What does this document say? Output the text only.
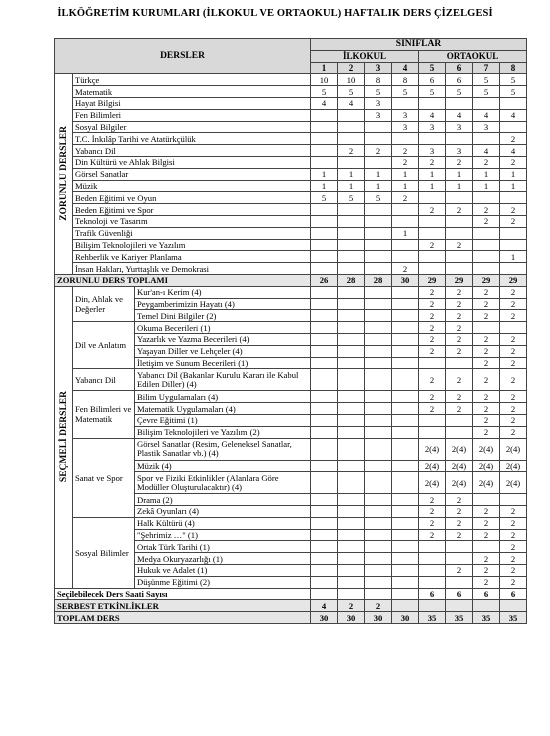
İLKÖĞRETİM KURUMLARI (İLKOKUL VE ORTAOKUL) HAFTALIK DERS ÇİZELGESİ
DERSLER			SINIFLAR							
			İLKOKUL				ORTAOKUL			
			1	2	3	4	5	6	7	8
ZORUNLU DERSLER	Türkçe		10	10	8	8	6	6	5	5
	Matematik		5	5	5	5	5	5	5	5
	Hayat Bilgisi		4	4	3					
	Fen Bilimleri				3	3	4	4	4	4
	Sosyal Bilgiler					3	3	3	3	
	T.C. İnkılâp Tarihi ve Atatürkçülük									2
	Yabancı Dil			2	2	2	3	3	4	4
	Din Kültürü ve Ahlak Bilgisi					2	2	2	2	2
	Görsel Sanatlar		1	1	1	1	1	1	1	1
	Müzik		1	1	1	1	1	1	1	1
	Beden Eğitimi ve Oyun		5	5	5	2				
	Beden Eğitimi ve Spor						2	2	2	2
	Teknoloji ve Tasarım								2	2
	Trafik Güvenliği					1				
	Bilişim Teknolojileri ve Yazılım						2	2		
	Rehberlik ve Kariyer Planlama									1
	İnsan Hakları, Yurttaşlık ve Demokrasi					2				
ZORUNLU DERS TOPLAMI			26	28	28	30	29	29	29	29
SEÇMELİ DERSLER	Din, Ahlak ve Değerler	Kur'an-ı Kerim (4)					2	2	2	2
		Peygamberimizin Hayatı (4)					2	2	2	2
		Temel Dini Bilgiler (2)					2	2	2	2
	Dil ve Anlatım	Okuma Becerileri (1)					2	2		
		Yazarlık ve Yazma Becerileri (4)					2	2	2	2
		Yaşayan Diller ve Lehçeler (4)					2	2	2	2
		İletişim ve Sunum Becerileri (1)							2	2
	Yabancı Dil	Yabancı Dil (Bakanlar Kurulu Kararı ile Kabul Edilen Diller) (4)					2	2	2	2
	Fen Bilimleri ve Matematik	Bilim Uygulamaları (4)					2	2	2	2
		Matematik Uygulamaları (4)					2	2	2	2
		Çevre Eğitimi (1)							2	2
		Bilişim Teknolojileri ve Yazılım (2)							2	2
	Sanat ve Spor	Görsel Sanatlar (Resim, Geleneksel Sanatlar, Plastik Sanatlar vb.) (4)					2(4)	2(4)	2(4)	2(4)
		Müzik (4)					2(4)	2(4)	2(4)	2(4)
		Spor ve Fiziki Etkinlikler (Alanlara Göre Modüller Oluşturulacaktır) (4)					2(4)	2(4)	2(4)	2(4)
		Drama (2)					2	2		
		Zekâ Oyunları (4)					2	2	2	2
	Sosyal Bilimler	Halk Kültürü (4)					2	2	2	2
		"Şehrimiz …" (1)					2	2	2	2
		Ortak Türk Tarihi (1)								2
		Medya Okuryazarlığı (1)							2	2
		Hukuk ve Adalet (1)						2	2	2
		Düşünme Eğitimi (2)							2	2
Seçilebilecek Ders Saati Sayısı							6	6	6	6
SERBEST ETKİNLİKLER			4	2	2					
TOPLAM DERS			30	30	30	30	35	35	35	35
